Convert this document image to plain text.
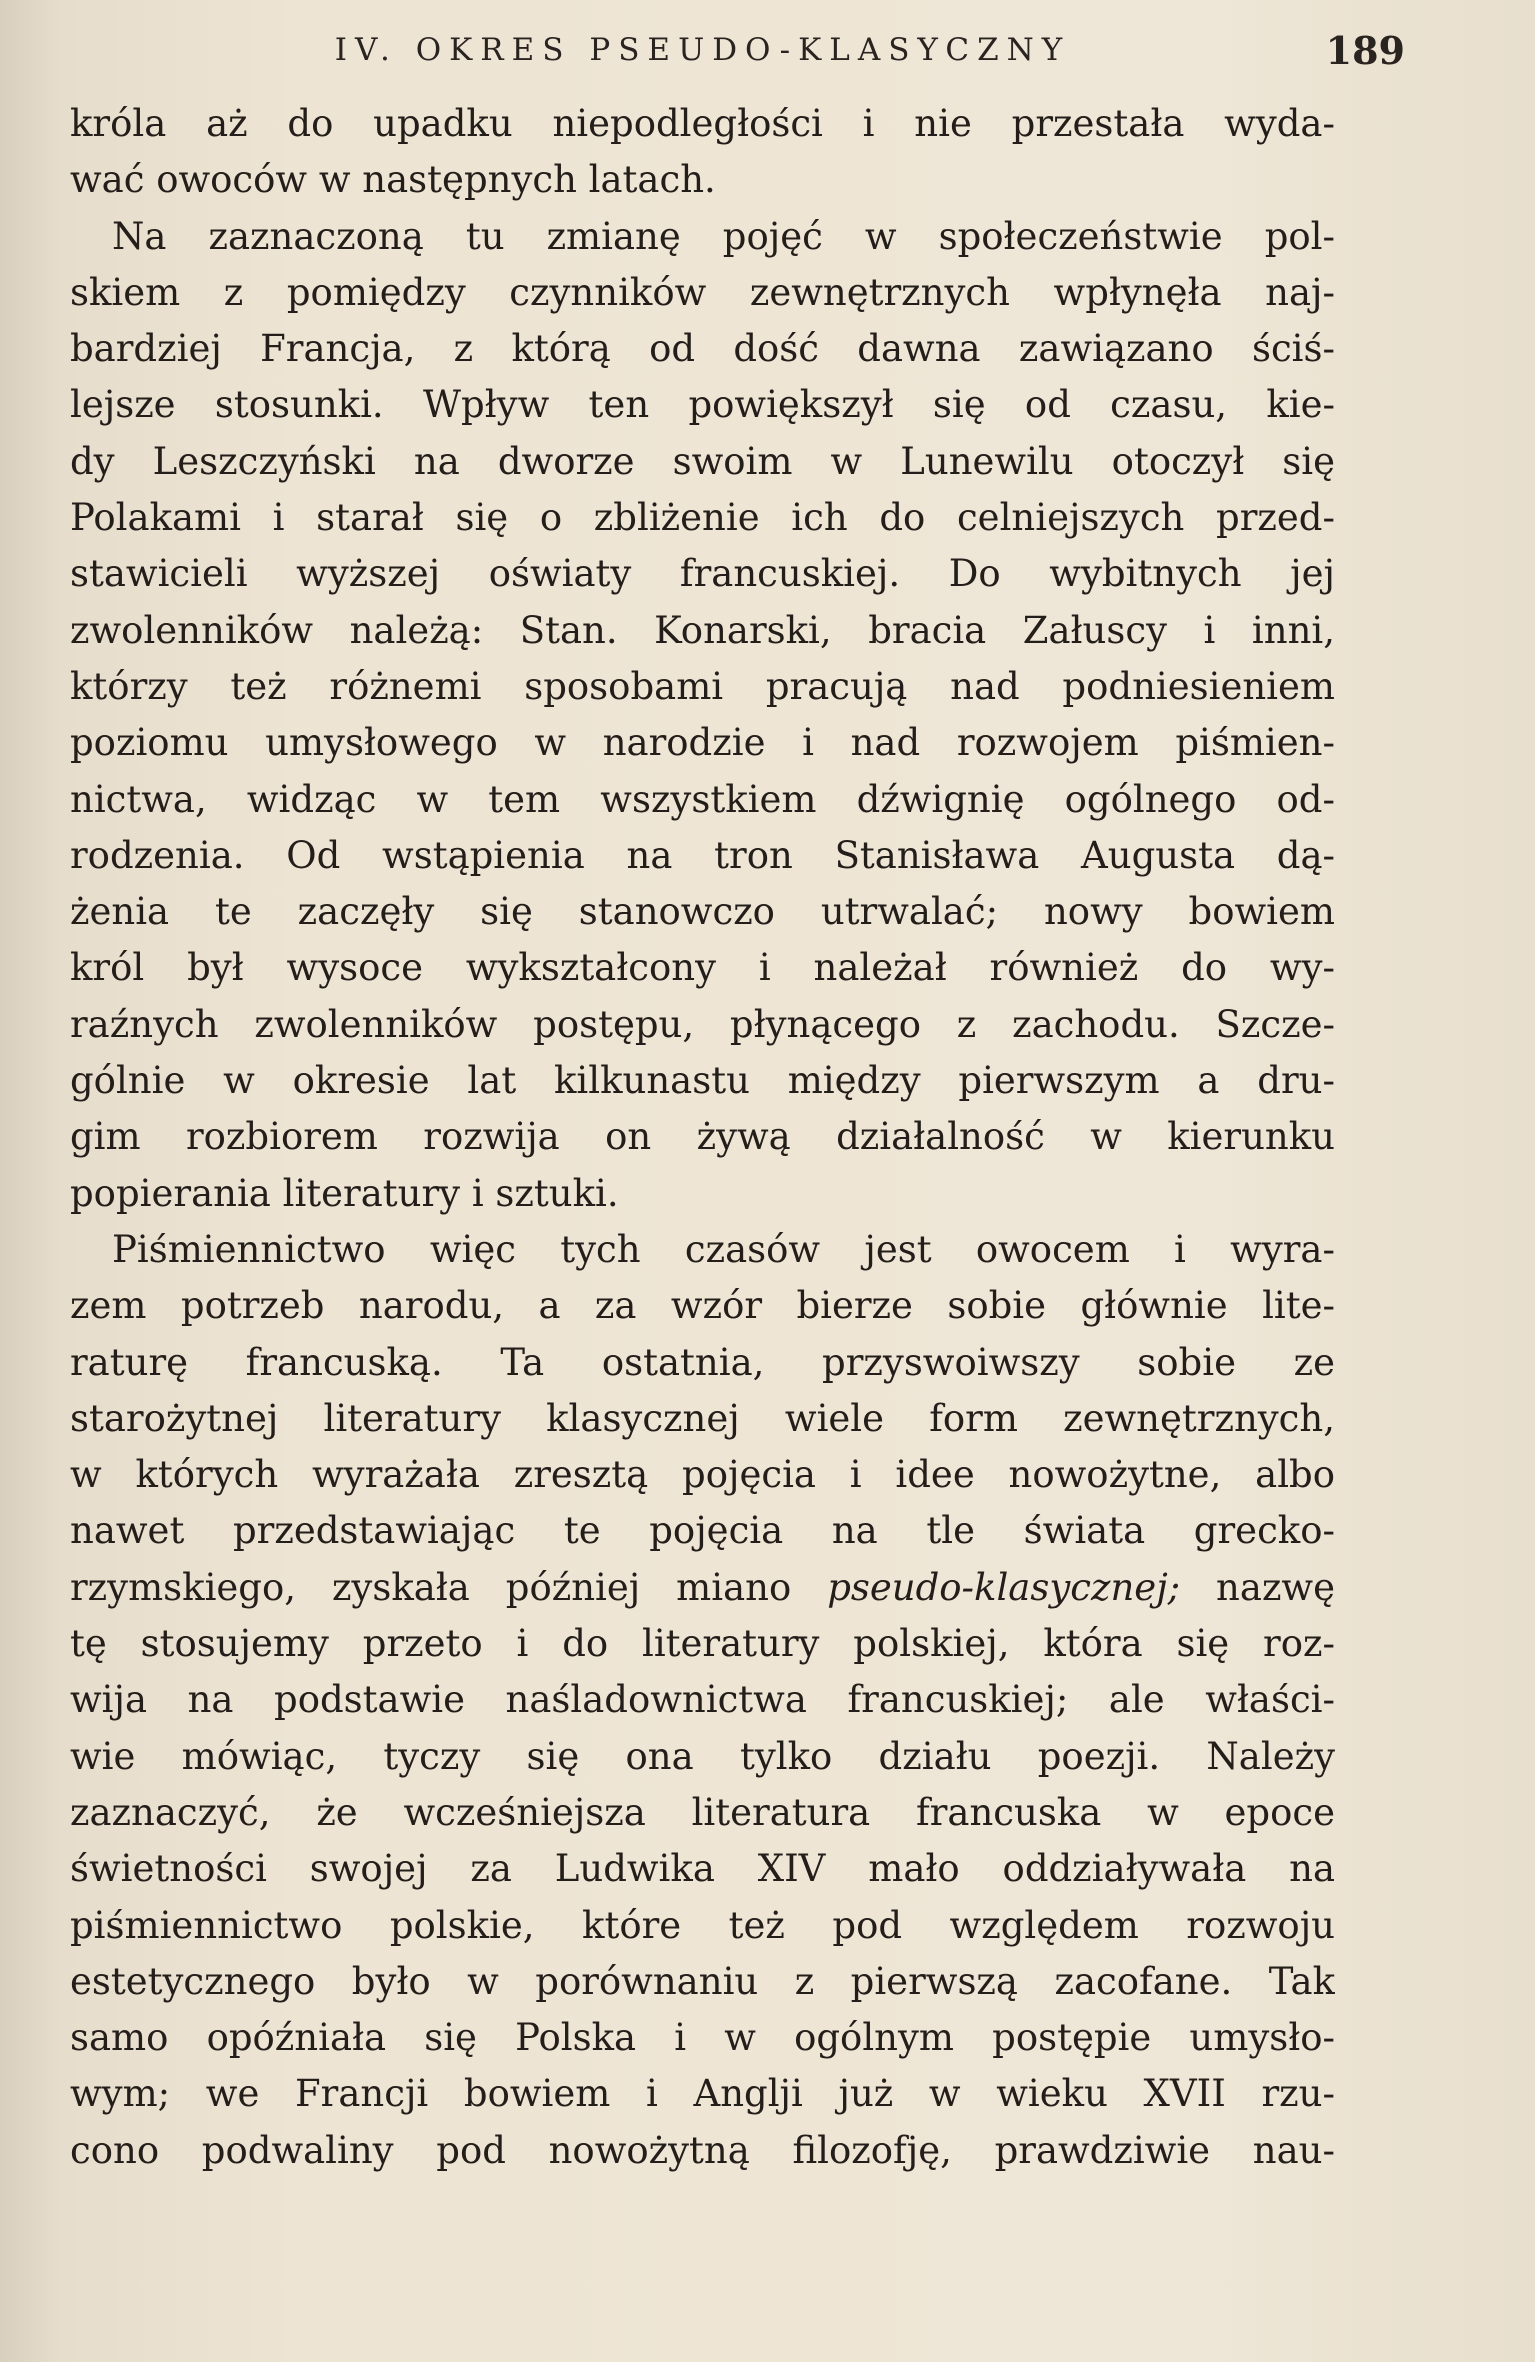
IV. OKRES PSEUDO-KLASYCZNY	189
króla aż do upadku niepodległości i nie przestała wyda-
wać owoców w następnych latach.
Na zaznaczoną tu zmianę pojęć w społeczeństwie pol-
skiem z pomiędzy czynników zewnętrznych wpłynęła naj-
bardziej Francja, z którą od dość dawna zawiązano ściś-
lejsze stosunki. Wpływ ten powiększył się od czasu, kie-
dy Leszczyński na dworze swoim w Lunewilu otoczył się
Polakami i starał się o zbliżenie ich do celniejszych przed-
stawicieli wyższej oświaty francuskiej. Do wybitnych jej
zwolenników należą: Stan. Konarski, bracia Załuscy i inni,
którzy też różnemi sposobami pracują nad podniesieniem
poziomu umysłowego w narodzie i nad rozwojem piśmien-
nictwa, widząc w tem wszystkiem dźwignię ogólnego od-
rodzenia. Od wstąpienia na tron Stanisława Augusta dą-
żenia te zaczęły się stanowczo utrwalać; nowy bowiem
król był wysoce wykształcony i należał również do wy-
raźnych zwolenników postępu, płynącego z zachodu. Szcze-
gólnie w okresie lat kilkunastu między pierwszym a dru-
gim rozbiorem rozwija on żywą działalność w kierunku
popierania literatury i sztuki.
Piśmiennictwo więc tych czasów jest owocem i wyra-
zem potrzeb narodu, a za wzór bierze sobie głównie lite-
raturę francuską. Ta ostatnia, przyswoiwszy sobie ze
starożytnej literatury klasycznej wiele form zewnętrznych,
w których wyrażała zresztą pojęcia i idee nowożytne, albo
nawet przedstawiając te pojęcia na tle świata grecko-
rzymskiego, zyskała później miano pseudo-klasycznej; nazwę
tę stosujemy przeto i do literatury polskiej, która się roz-
wija na podstawie naśladownictwa francuskiej; ale właści-
wie mówiąc, tyczy się ona tylko działu poezji. Należy
zaznaczyć, że wcześniejsza literatura francuska w epoce
świetności swojej za Ludwika XIV mało oddziaływała na
piśmiennictwo polskie, które też pod względem rozwoju
estetycznego było w porównaniu z pierwszą zacofane. Tak
samo opóźniała się Polska i w ogólnym postępie umysło-
wym; we Francji bowiem i Anglji już w wieku XVII rzu-
cono podwaliny pod nowożytną filozofję, prawdziwie nau-
